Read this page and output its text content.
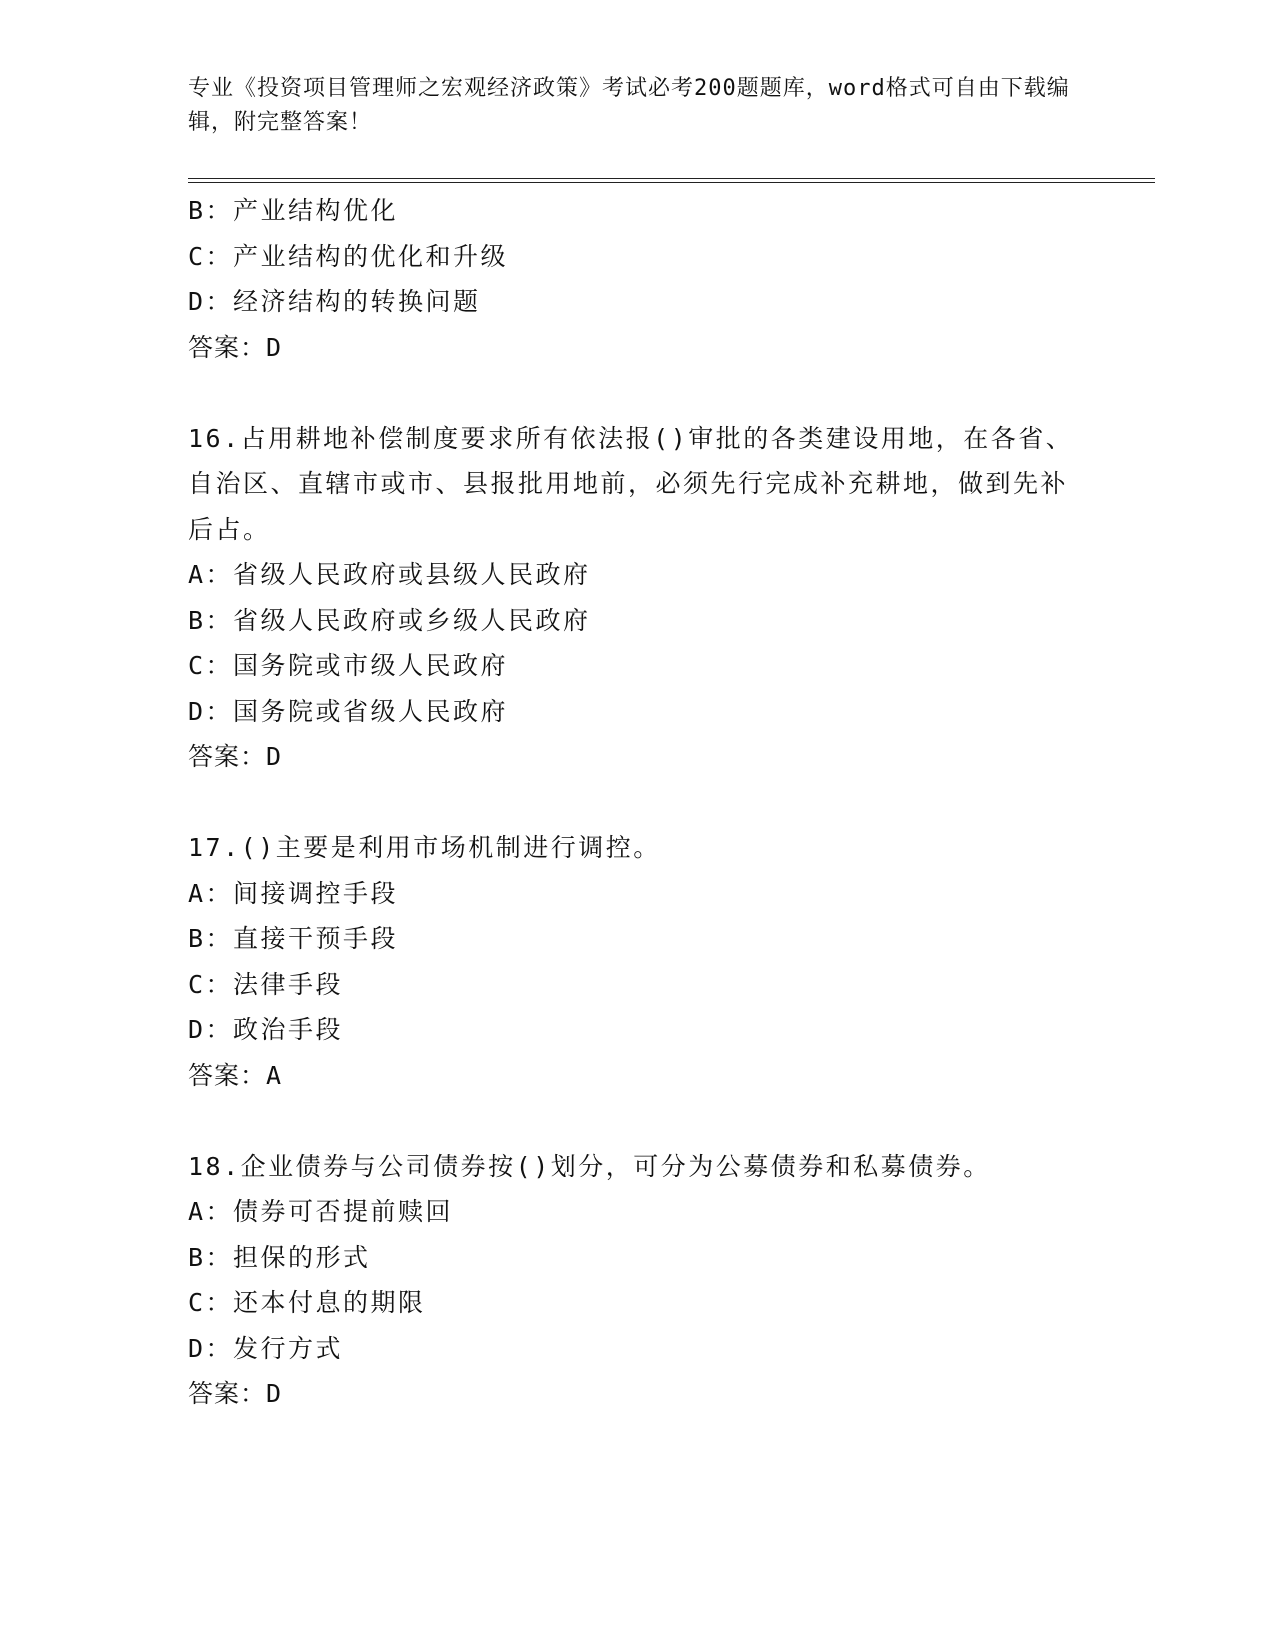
专业《投资项目管理师之宏观经济政策》考试必考200题题库，word格式可自由下载编辑，附完整答案！
B：产业结构优化
C：产业结构的优化和升级
D：经济结构的转换问题
答案：D
16.占用耕地补偿制度要求所有依法报()审批的各类建设用地，在各省、自治区、直辖市或市、县报批用地前，必须先行完成补充耕地，做到先补后占。
A：省级人民政府或县级人民政府
B：省级人民政府或乡级人民政府
C：国务院或市级人民政府
D：国务院或省级人民政府
答案：D
17.()主要是利用市场机制进行调控。
A：间接调控手段
B：直接干预手段
C：法律手段
D：政治手段
答案：A
18.企业债券与公司债券按()划分，可分为公募债券和私募债券。
A：债券可否提前赎回
B：担保的形式
C：还本付息的期限
D：发行方式
答案：D
